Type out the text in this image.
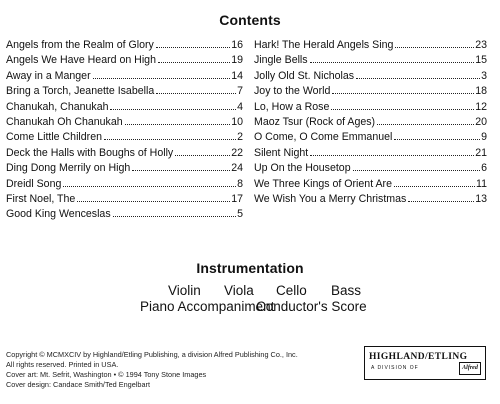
Contents
Angels from the Realm of Glory	16
Angels We Have Heard on High	19
Away in a Manger	14
Bring a Torch, Jeanette Isabella	7
Chanukah, Chanukah	4
Chanukah Oh Chanukah	10
Come Little Children	2
Deck the Halls with Boughs of Holly	22
Ding Dong Merrily on High	24
Dreidl Song	8
First Noel, The	17
Good King Wenceslas	5
Hark! The Herald Angels Sing	23
Jingle Bells	15
Jolly Old St. Nicholas	3
Joy to the World	18
Lo, How a Rose	12
Maoz Tsur (Rock of Ages)	20
O Come, O Come Emmanuel	9
Silent Night	21
Up On the Housetop	6
We Three Kings of Orient Are	11
We Wish You a Merry Christmas	13
Instrumentation
Violin Viola Cello Bass
Piano Accompaniment
Conductor's Score
Copyright © MCMXCIV by Highland/Etling Publishing, a division Alfred Publishing Co., Inc.
All rights reserved. Printed in USA.
Cover art: Mt. Sefrit, Washington • © 1994 Tony Stone Images
Cover design: Candace Smith/Ted Engelbart
HIGHLAND/ETLING
A DIVISION OF	Alfred
